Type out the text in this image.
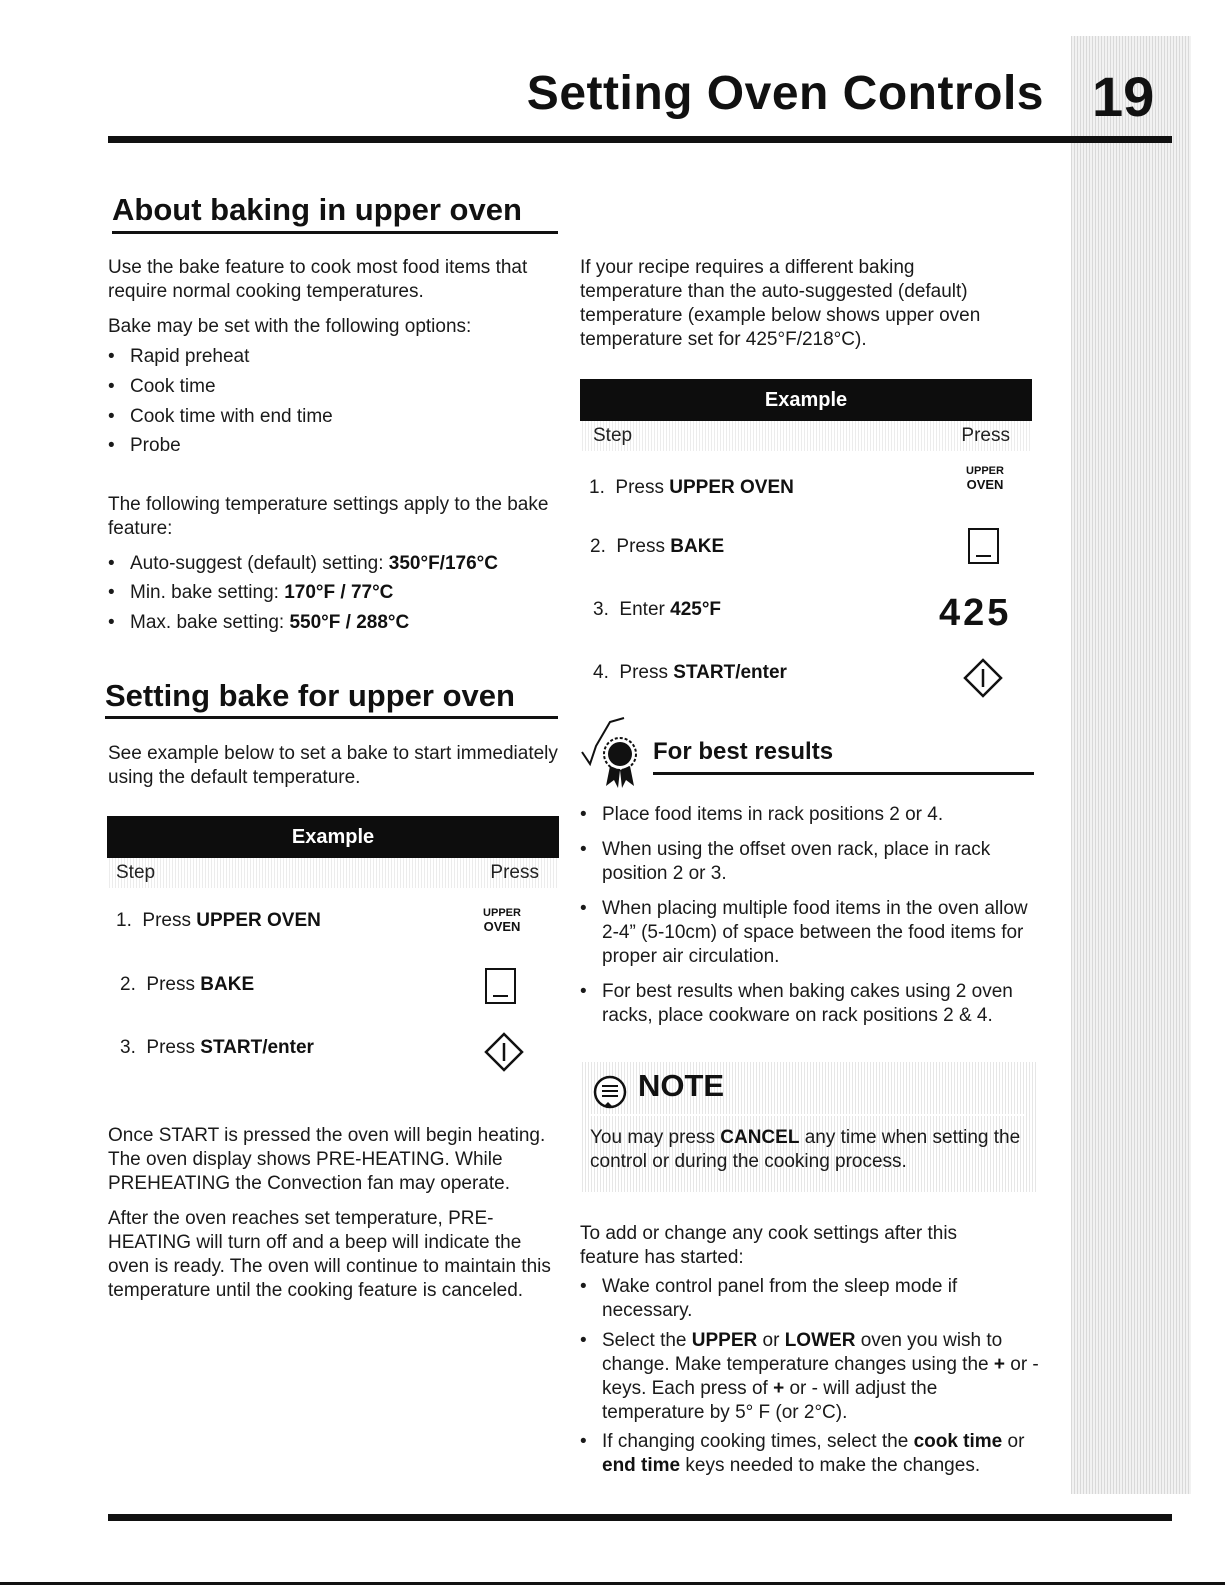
19
Setting Oven Controls
About baking in upper oven

Use the bake feature to cook most food items that require normal cooking temperatures.

Bake may be set with the following options:

• Rapid preheat
• Cook time
• Cook time with end time
• Probe

The following temperature settings apply to the bake feature:

• Auto-suggest (default) setting: 350°F/176°C
• Min. bake setting: 170°F / 77°C
• Max. bake setting: 550°F / 288°C
Setting bake for upper oven

See example below to set a bake to start immediately using the default temperature.

Example
Step	Press
1. Press UPPER OVEN	UPPER
OVEN
2. Press BAKE
3. Press START/enter

Once START is pressed the oven will begin heating. The oven display shows PRE-HEATING. While PREHEATING the Convection fan may operate.

After the oven reaches set temperature, PRE-HEATING will turn off and a beep will indicate the oven is ready. The oven will continue to maintain this temperature until the cooking feature is canceled.

If your recipe requires a different baking temperature than the auto-suggested (default) temperature (example below shows upper oven temperature set for 425°F/218°C).

Example
Step	Press
1. Press UPPER OVEN
UPPER
OVEN
2. Press BAKE
3. Enter 425°F	425
4. Press START/enter
For best results
• Place food items in rack positions 2 or 4.
• When using the offset oven rack, place in rack position 2 or 3.
• When placing multiple food items in the oven allow 2-4” (5-10cm) of space between the food items for proper air circulation.
• For best results when baking cakes using 2 oven racks, place cookware on rack positions 2 & 4.
NOTE
You may press CANCEL any time when setting the control or during the cooking process.

To add or change any cook settings after this feature has started:

• Wake control panel from the sleep mode if necessary.
• Select the UPPER or LOWER oven you wish to change. Make temperature changes using the + or - keys. Each press of + or - will adjust the temperature by 5° F (or 2°C).
• If changing cooking times, select the cook time or end time keys needed to make the changes.
